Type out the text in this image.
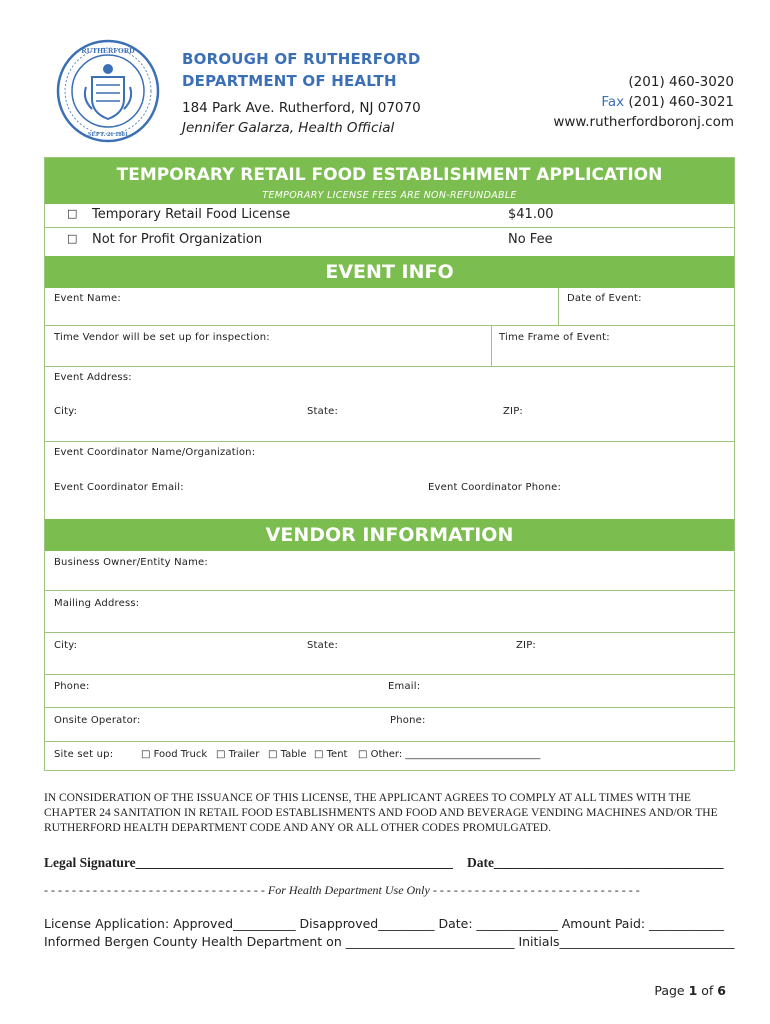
RUTHERFORD
SEPT. 21 1881
BOROUGH OF RUTHERFORD
DEPARTMENT OF HEALTH
184 Park Ave. Rutherford, NJ 07070
Jennifer Galarza, Health Official
(201) 460-3020
Fax (201) 460-3021
www.rutherfordboronj.com
TEMPORARY RETAIL FOOD ESTABLISHMENT APPLICATION
TEMPORARY LICENSE FEES ARE NON-REFUNDABLE
□ Temporary Retail Food License	$41.00
□ Not for Profit Organization	No Fee
EVENT INFO
Event Name:	Date of Event:
Time Vendor will be set up for inspection:	Time Frame of Event:
Event Address:
City:	State:	ZIP:
Event Coordinator Name/Organization:
Event Coordinator Email:	Event Coordinator Phone:
VENDOR INFORMATION
Business Owner/Entity Name:
Mailing Address:
City:	State:	ZIP:
Phone:	Email:
Onsite Operator:	Phone:
Site set up:	□ Food Truck □ Trailer □ Table □ Tent □ Other: ___________________________
IN CONSIDERATION OF THE ISSUANCE OF THIS LICENSE, THE APPLICANT AGREES TO COMPLY AT ALL TIMES WITH THE CHAPTER 24 SANITATION IN RETAIL FOOD ESTABLISHMENTS AND FOOD AND BEVERAGE VENDING MACHINES AND/OR THE RUTHERFORD HEALTH DEPARTMENT CODE AND ANY OR ALL OTHER CODES PROMULGATED.
Legal Signature_______________________________________________ Date__________________________________
- - - - - - - - - - - - - - - - - - - - - - - - - - - - - - - - For Health Department Use Only - - - - - - - - - - - - - - - - - - - - - - - - - - - - - -
License Application: Approved__________ Disapproved_________ Date: _____________ Amount Paid: ____________
Informed Bergen County Health Department on ___________________________ Initials____________________________
Page 1 of 6
